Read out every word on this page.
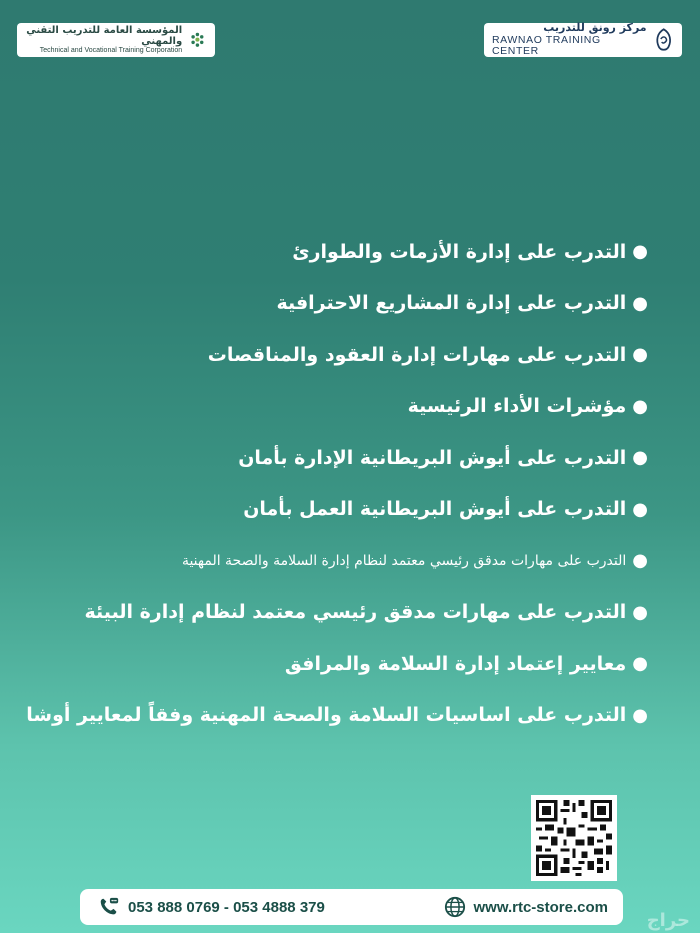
المؤسسة العامة للتدريب التقني والمهني
Technical and Vocational Training Corporation
مركز رونق للتدريب
RAWNAO TRAINING CENTER
●
التدرب على إدارة الأزمات والطوارئ
●
التدرب على إدارة المشاريع الاحترافية
●
التدرب على مهارات إدارة العقود والمناقصات
●
مؤشرات الأداء الرئيسية
●
التدرب على أيوش البريطانية الإدارة بأمان
●
التدرب على أيوش البريطانية العمل بأمان
●
التدرب على مهارات مدقق رئيسي معتمد لنظام إدارة السلامة والصحة المهنية
●
التدرب على مهارات مدقق رئيسي معتمد لنظام إدارة البيئة
●
معايير إعتماد إدارة السلامة والمرافق
●
التدرب على اساسيات السلامة والصحة المهنية وفقاً لمعايير أوشا
053 888 0769 - 053 4888 379	www.rtc-store.com
حراج
